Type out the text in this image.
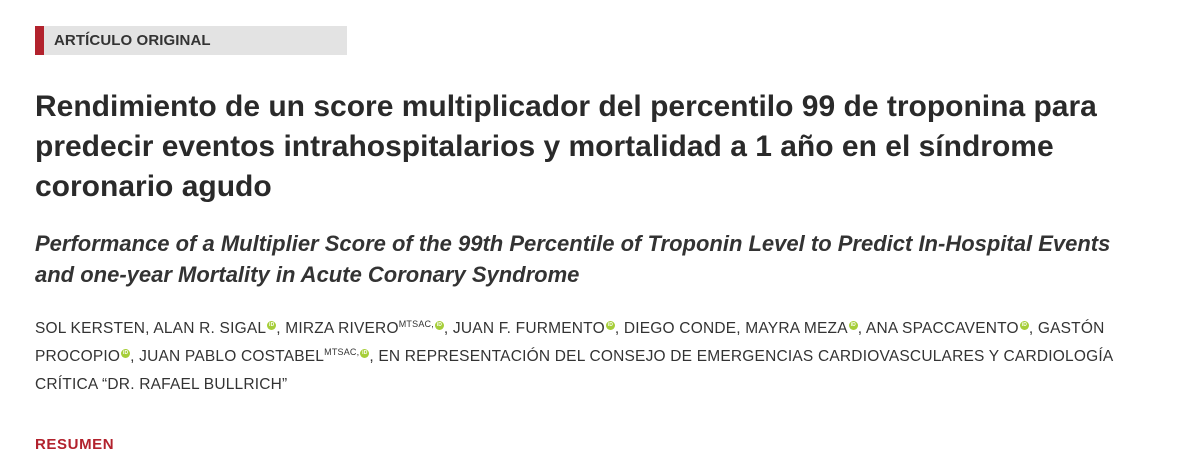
ARTÍCULO ORIGINAL
Rendimiento de un score multiplicador del percentilo 99 de troponina para predecir eventos intrahospitalarios y mortalidad a 1 año en el síndrome coronario agudo
Performance of a Multiplier Score of the 99th Percentile of Troponin Level to Predict In-Hospital Events and one-year Mortality in Acute Coronary Syndrome

SOL KERSTEN, ALAN R. SIGAL iD , MIRZA $RIVERO^{MTSAC,}$ iD , JUAN F. FURMENTO iD , DIEGO CONDE, MAYRA MEZA iD , ANA SPACCAVENTO iD , GASTÓN PROCOPIO iD , JUAN PABLO $COSTABEL^{MTSAC,}$ iD , EN REPRESENTACIÓN DEL CONSEJO DE EMERGENCIAS CARDIOVASCULARES Y CARDIOLOGÍA CRÍTICA “DR. RAFAEL BULLRICH”

RESUMEN
